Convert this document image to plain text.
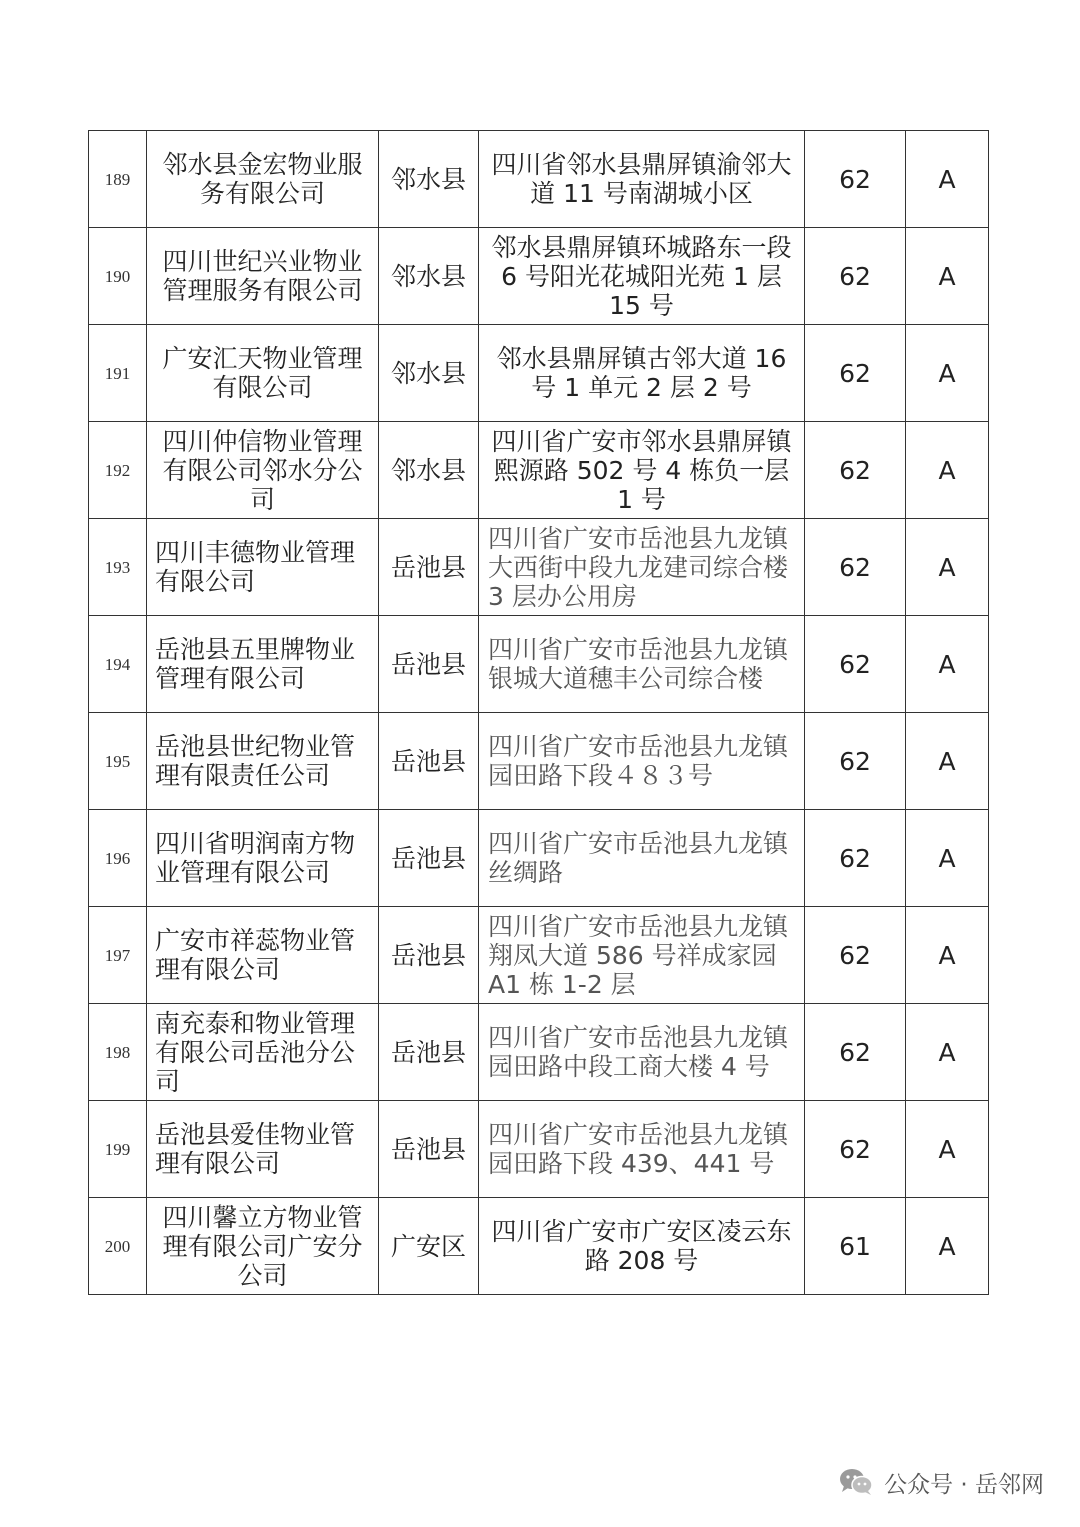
189	邻水县金宏物业服务有限公司	邻水县	四川省邻水县鼎屏镇渝邻大道 11 号南湖城小区	62	A
190	四川世纪兴业物业管理服务有限公司	邻水县	邻水县鼎屏镇环城路东一段 6 号阳光花城阳光苑 1 层 15 号	62	A
191	广安汇天物业管理有限公司	邻水县	邻水县鼎屏镇古邻大道 16 号 1 单元 2 层 2 号	62	A
192	四川仲信物业管理有限公司邻水分公司	邻水县	四川省广安市邻水县鼎屏镇熙源路 502 号 4 栋负一层 1 号	62	A
193	四川丰德物业管理有限公司	岳池县	四川省广安市岳池县九龙镇大西街中段九龙建司综合楼 3 层办公用房	62	A
194	岳池县五里牌物业管理有限公司	岳池县	四川省广安市岳池县九龙镇银城大道穗丰公司综合楼	62	A
195	岳池县世纪物业管理有限责任公司	岳池县	四川省广安市岳池县九龙镇园田路下段４８３号	62	A
196	四川省明润南方物业管理有限公司	岳池县	四川省广安市岳池县九龙镇丝绸路	62	A
197	广安市祥蕊物业管理有限公司	岳池县	四川省广安市岳池县九龙镇翔凤大道 586 号祥成家园 A1 栋 1-2 层	62	A
198	南充泰和物业管理有限公司岳池分公司	岳池县	四川省广安市岳池县九龙镇园田路中段工商大楼 4 号	62	A
199	岳池县爱佳物业管理有限公司	岳池县	四川省广安市岳池县九龙镇园田路下段 439、441 号	62	A
200	四川馨立方物业管理有限公司广安分公司	广安区	四川省广安市广安区凌云东路 208 号	61	A
公众号 · 岳邻网
